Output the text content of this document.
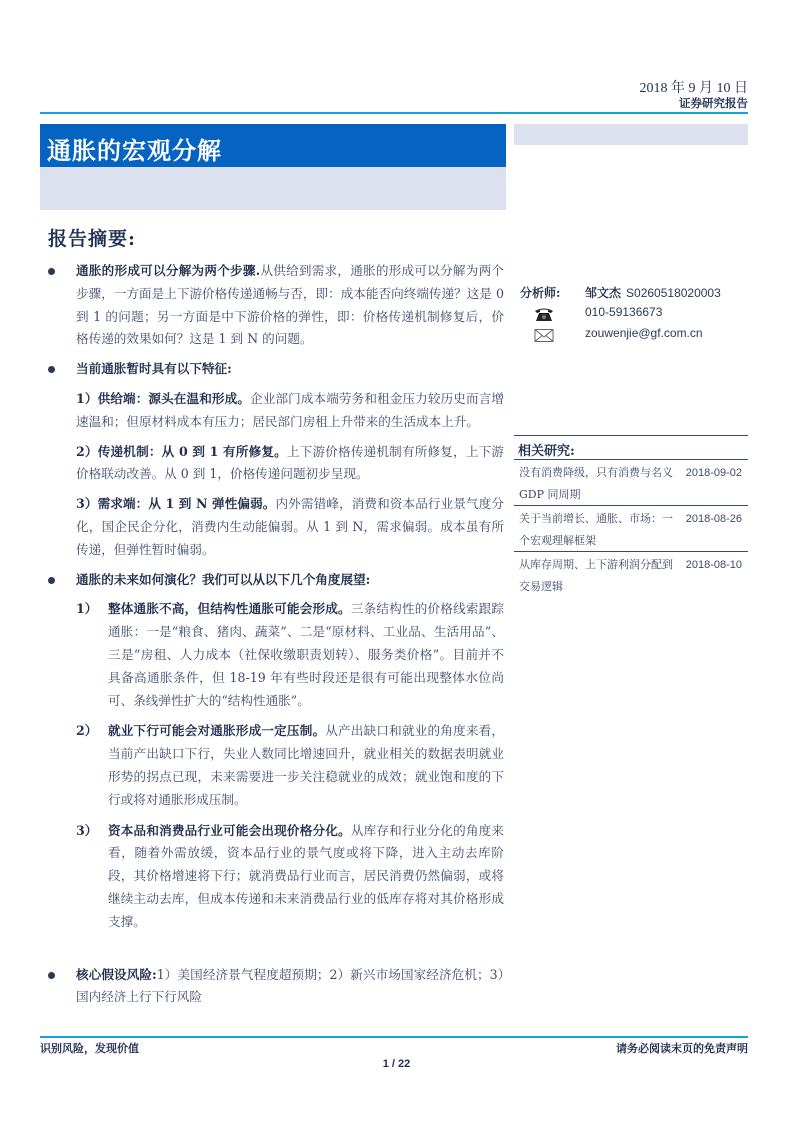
2018 年 9 月 10 日
证券研究报告
通胀的宏观分解
报告摘要:
通胀的形成可以分解为两个步骤.从供给到需求，通胀的形成可以分解为两个步骤，一方面是上下游价格传递通畅与否，即：成本能否向终端传递？这是 0 到 1 的问题；另一方面是中下游价格的弹性，即：价格传递机制修复后，价格传递的效果如何？这是 1 到 N 的问题。
当前通胀暂时具有以下特征:
1）供给端：源头在温和形成。企业部门成本端劳务和租金压力较历史而言增速温和；但原材料成本有压力；居民部门房租上升带来的生活成本上升。
2）传递机制：从 0 到 1 有所修复。上下游价格传递机制有所修复，上下游价格联动改善。从 0 到 1，价格传递问题初步呈现。
3）需求端：从 1 到 N 弹性偏弱。内外需错峰，消费和资本品行业景气度分化，国企民企分化，消费内生动能偏弱。从 1 到 N，需求偏弱。成本虽有所传递，但弹性暂时偏弱。
通胀的未来如何演化？我们可以从以下几个角度展望:
1） 整体通胀不高，但结构性通胀可能会形成。三条结构性的价格线索跟踪通胀：一是“粮食、猪肉、蔬菜”、二是“原材料、工业品、生活用品”、三是“房租、人力成本（社保收缴职责划转）、服务类价格”。目前并不具备高通胀条件，但 18-19 年有些时段还是很有可能出现整体水位尚可、条线弹性扩大的“结构性通胀”。
2） 就业下行可能会对通胀形成一定压制。从产出缺口和就业的角度来看，当前产出缺口下行，失业人数同比增速回升，就业相关的数据表明就业形势的拐点已现，未来需要进一步关注稳就业的成效；就业饱和度的下行或将对通胀形成压制。
3） 资本品和消费品行业可能会出现价格分化。从库存和行业分化的角度来看，随着外需放缓，资本品行业的景气度或将下降，进入主动去库阶段，其价格增速将下行；就消费品行业而言，居民消费仍然偏弱，或将继续主动去库，但成本传递和未来消费品行业的低库存将对其价格形成支撑。
核心假设风险:1）美国经济景气程度超预期；2）新兴市场国家经济危机；3）国内经济上行下行风险
分析师: 邹文杰 S0260518020003
010-59136673
zouwenjie@gf.com.cn
相关研究:
没有消费降级，只有消费与名义 GDP 同周期
2018-09-02
关于当前增长、通胀、市场：一个宏观理解框架
2018-08-26
从库存周期、上下游利润分配到交易逻辑
2018-08-10
识别风险，发现价值	请务必阅读末页的免责声明
1 / 22
